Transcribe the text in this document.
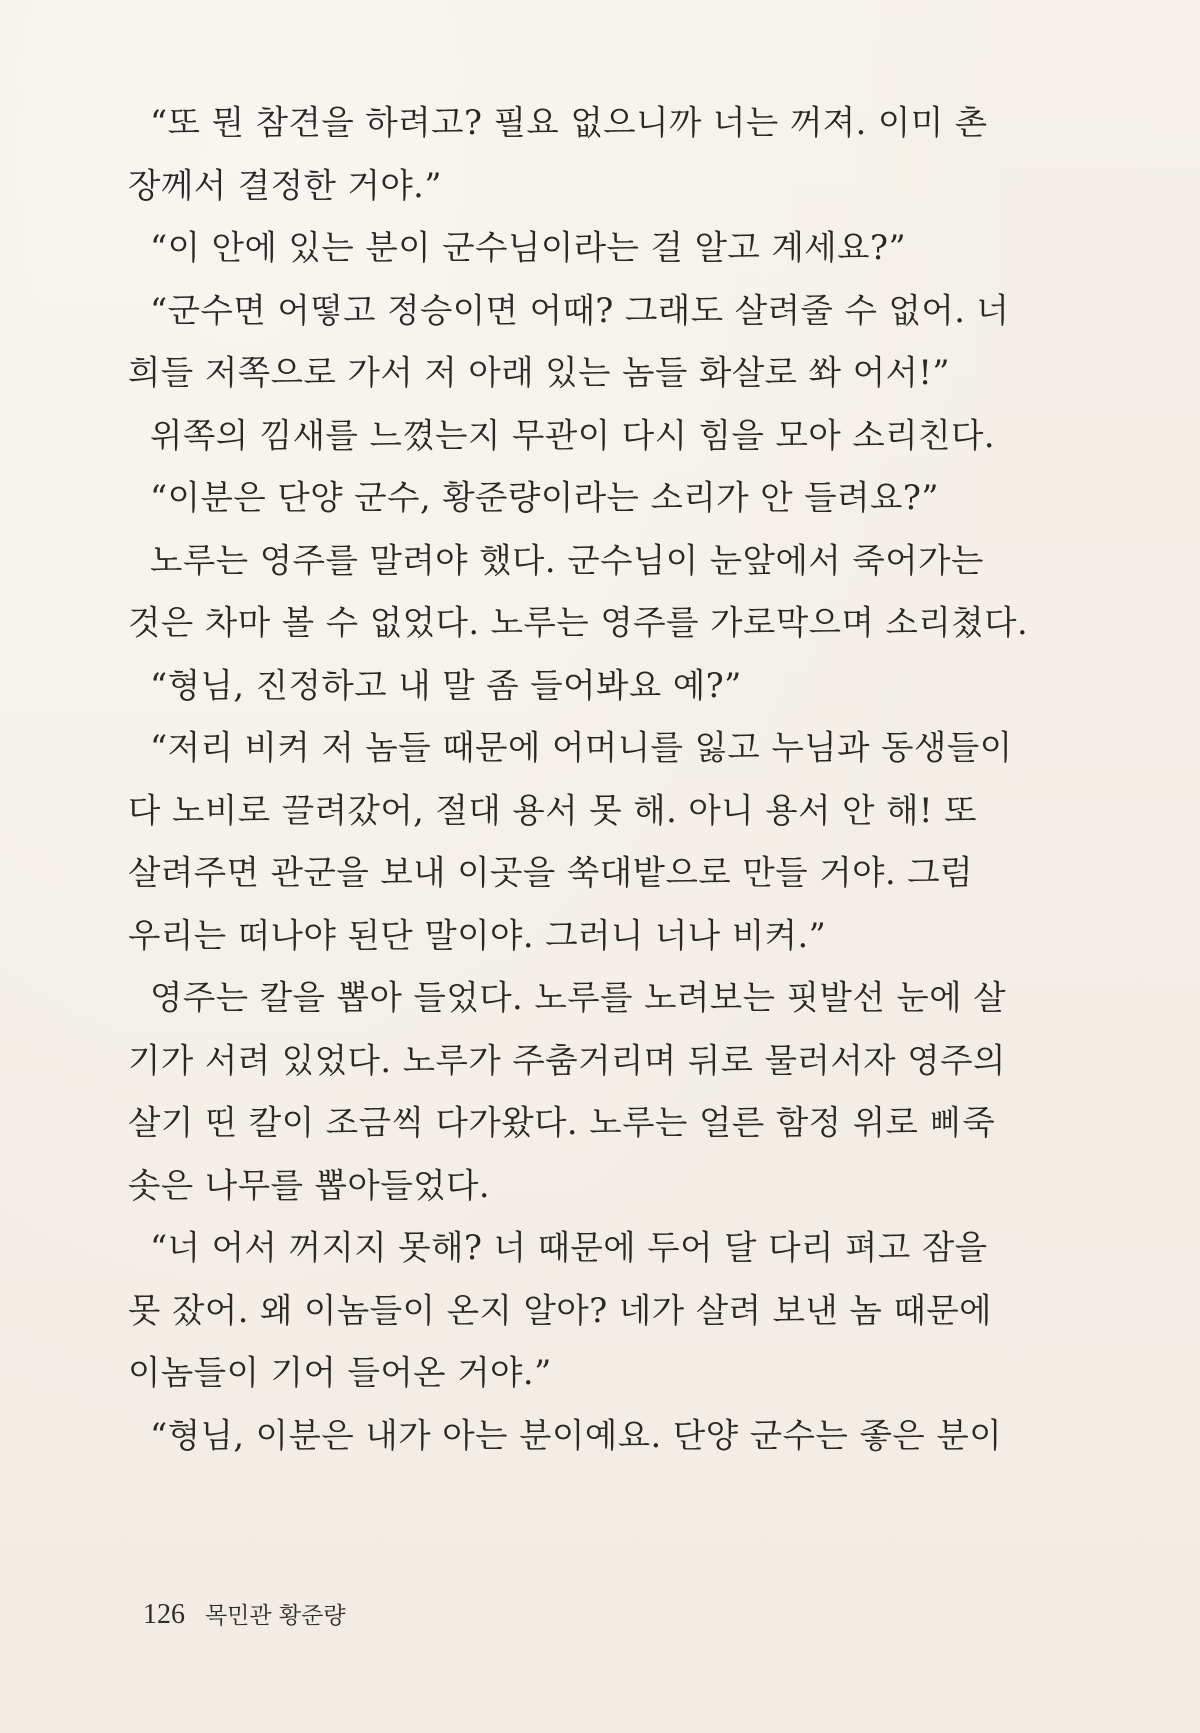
“또 뭔 참견을 하려고? 필요 없으니까 너는 꺼져. 이미 촌

장께서 결정한 거야.”

“이 안에 있는 분이 군수님이라는 걸 알고 계세요?”

“군수면 어떻고 정승이면 어때? 그래도 살려줄 수 없어. 너

희들 저쪽으로 가서 저 아래 있는 놈들 화살로 쏴 어서!”

위쪽의 낌새를 느꼈는지 무관이 다시 힘을 모아 소리친다.

“이분은 단양 군수, 황준량이라는 소리가 안 들려요?”

노루는 영주를 말려야 했다. 군수님이 눈앞에서 죽어가는

것은 차마 볼 수 없었다. 노루는 영주를 가로막으며 소리쳤다.

“형님, 진정하고 내 말 좀 들어봐요 예?”

“저리 비켜 저 놈들 때문에 어머니를 잃고 누님과 동생들이

다 노비로 끌려갔어, 절대 용서 못 해. 아니 용서 안 해! 또

살려주면 관군을 보내 이곳을 쑥대밭으로 만들 거야. 그럼

우리는 떠나야 된단 말이야. 그러니 너나 비켜.”

영주는 칼을 뽑아 들었다. 노루를 노려보는 핏발선 눈에 살

기가 서려 있었다. 노루가 주춤거리며 뒤로 물러서자 영주의

살기 띤 칼이 조금씩 다가왔다. 노루는 얼른 함정 위로 삐죽

솟은 나무를 뽑아들었다.

“너 어서 꺼지지 못해? 너 때문에 두어 달 다리 펴고 잠을

못 잤어. 왜 이놈들이 온지 알아? 네가 살려 보낸 놈 때문에

이놈들이 기어 들어온 거야.”

“형님, 이분은 내가 아는 분이예요. 단양 군수는 좋은 분이

126 목민관 황준량
